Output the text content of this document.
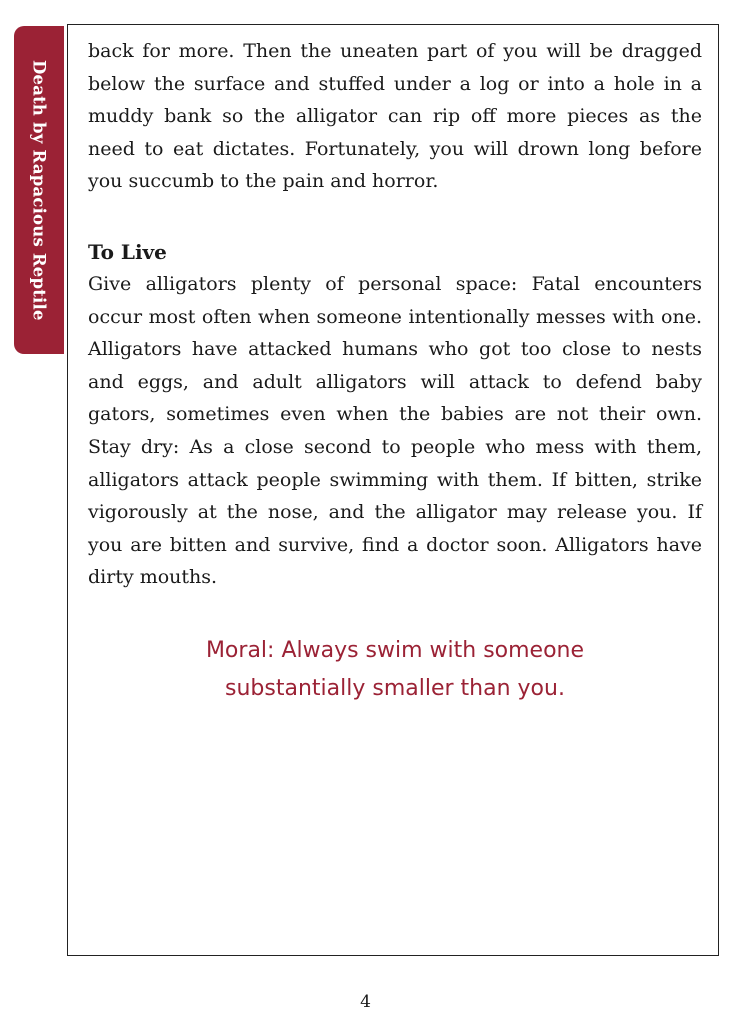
Death by Rapacious Reptile

back for more. Then the uneaten part of you will be dragged below the surface and stuffed under a log or into a hole in a muddy bank so the alligator can rip off more pieces as the need to eat dictates. Fortunately, you will drown long before you succumb to the pain and horror.

To Live

Give alligators plenty of personal space: Fatal encounters occur most often when someone intentionally messes with one. Alligators have attacked humans who got too close to nests and eggs, and adult alligators will attack to defend baby gators, sometimes even when the babies are not their own. Stay dry: As a close second to people who mess with them, alligators attack people swimming with them. If bitten, strike vigorously at the nose, and the alligator may release you. If you are bitten and survive, find a doctor soon. Alligators have dirty mouths.

Moral: Always swim with someone
substantially smaller than you.
4
